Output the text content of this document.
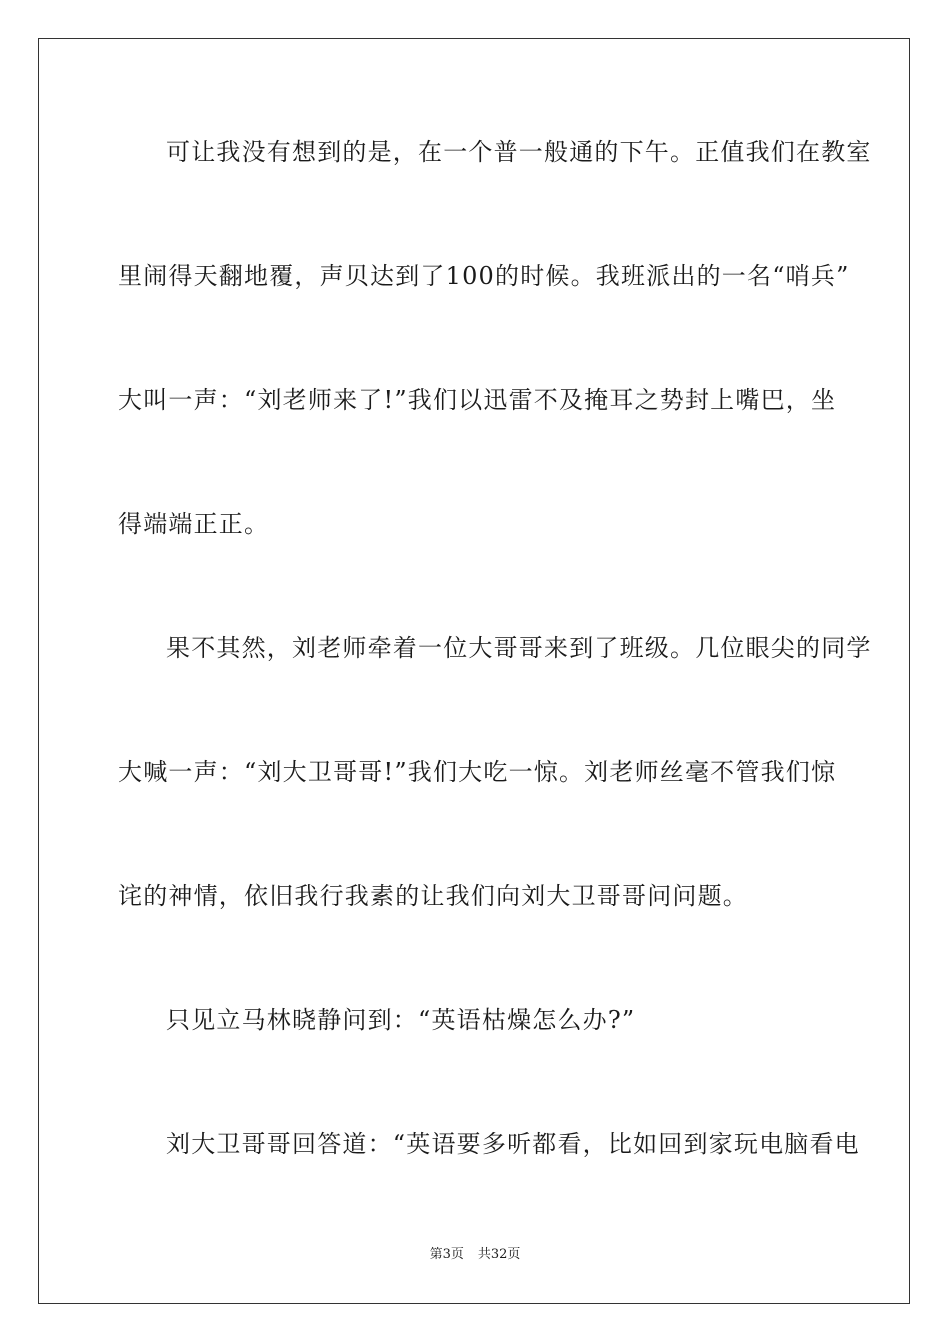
可让我没有想到的是，在一个普一般通的下午。正值我们在教室
里闹得天翻地覆，声贝达到了100的时候。我班派出的一名“哨兵”
大叫一声：“刘老师来了!”我们以迅雷不及掩耳之势封上嘴巴，坐
得端端正正。
果不其然，刘老师牵着一位大哥哥来到了班级。几位眼尖的同学
大喊一声：“刘大卫哥哥!”我们大吃一惊。刘老师丝毫不管我们惊
诧的神情，依旧我行我素的让我们向刘大卫哥哥问问题。
只见立马林晓静问到：“英语枯燥怎么办?”
刘大卫哥哥回答道：“英语要多听都看，比如回到家玩电脑看电
第3页 共32页
